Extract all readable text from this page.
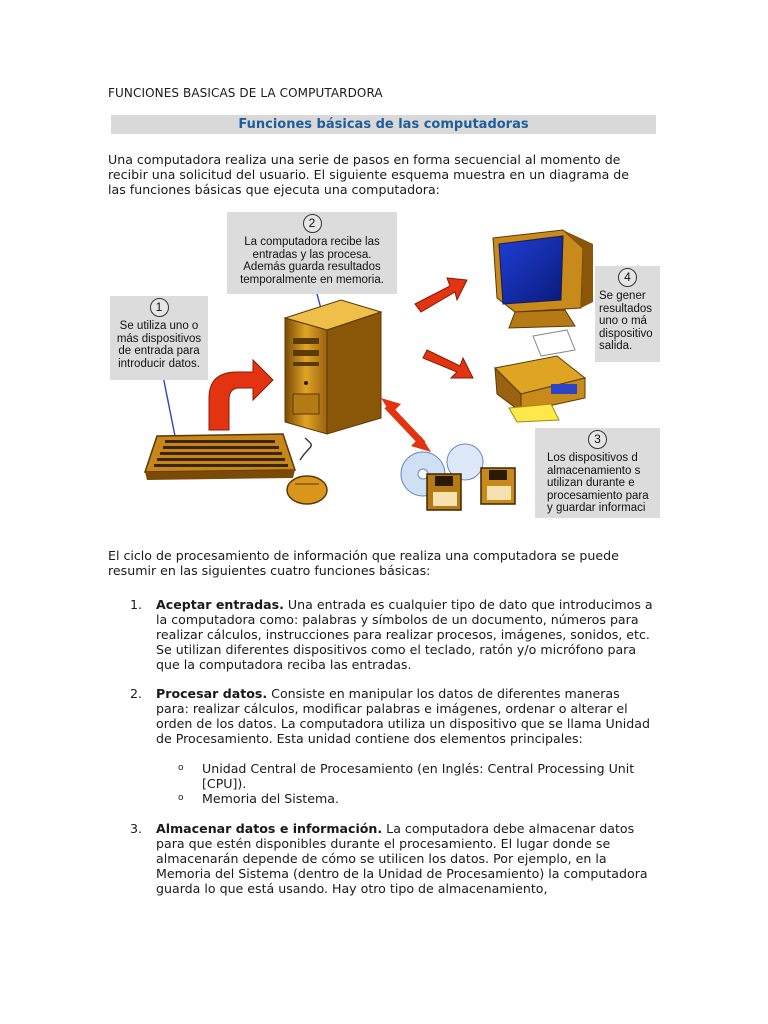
FUNCIONES BASICAS DE LA COMPUTARDORA
Funciones básicas de las computadoras

Una computadora realiza una serie de pasos en forma secuencial al momento de recibir una solicitud del usuario. El siguiente esquema muestra en un diagrama de las funciones básicas que ejecuta una computadora:

1
Se utiliza uno o más dispositivos de entrada para introducir datos.
2
La computadora recibe las entradas y las procesa. Además guarda resultados temporalmente en memoria.
3
Los dispositivos d almacenamiento s utilizan durante e procesamiento para y guardar informaci
4
Se gener resultados uno o má dispositivo salida.

El ciclo de procesamiento de información que realiza una computadora se puede resumir en las siguientes cuatro funciones básicas:

1. Aceptar entradas. Una entrada es cualquier tipo de dato que introducimos a la computadora como: palabras y símbolos de un documento, números para realizar cálculos, instrucciones para realizar procesos, imágenes, sonidos, etc. Se utilizan diferentes dispositivos como el teclado, ratón y/o micrófono para que la computadora reciba las entradas.
2. Procesar datos. Consiste en manipular los datos de diferentes maneras para: realizar cálculos, modificar palabras e imágenes, ordenar o alterar el orden de los datos. La computadora utiliza un dispositivo que se llama Unidad de Procesamiento. Esta unidad contiene dos elementos principales:
o Unidad Central de Procesamiento (en Inglés: Central Processing Unit [CPU]).
o Memoria del Sistema.
3. Almacenar datos e información. La computadora debe almacenar datos para que estén disponibles durante el procesamiento. El lugar donde se almacenarán depende de cómo se utilicen los datos. Por ejemplo, en la Memoria del Sistema (dentro de la Unidad de Procesamiento) la computadora guarda lo que está usando. Hay otro tipo de almacenamiento,
